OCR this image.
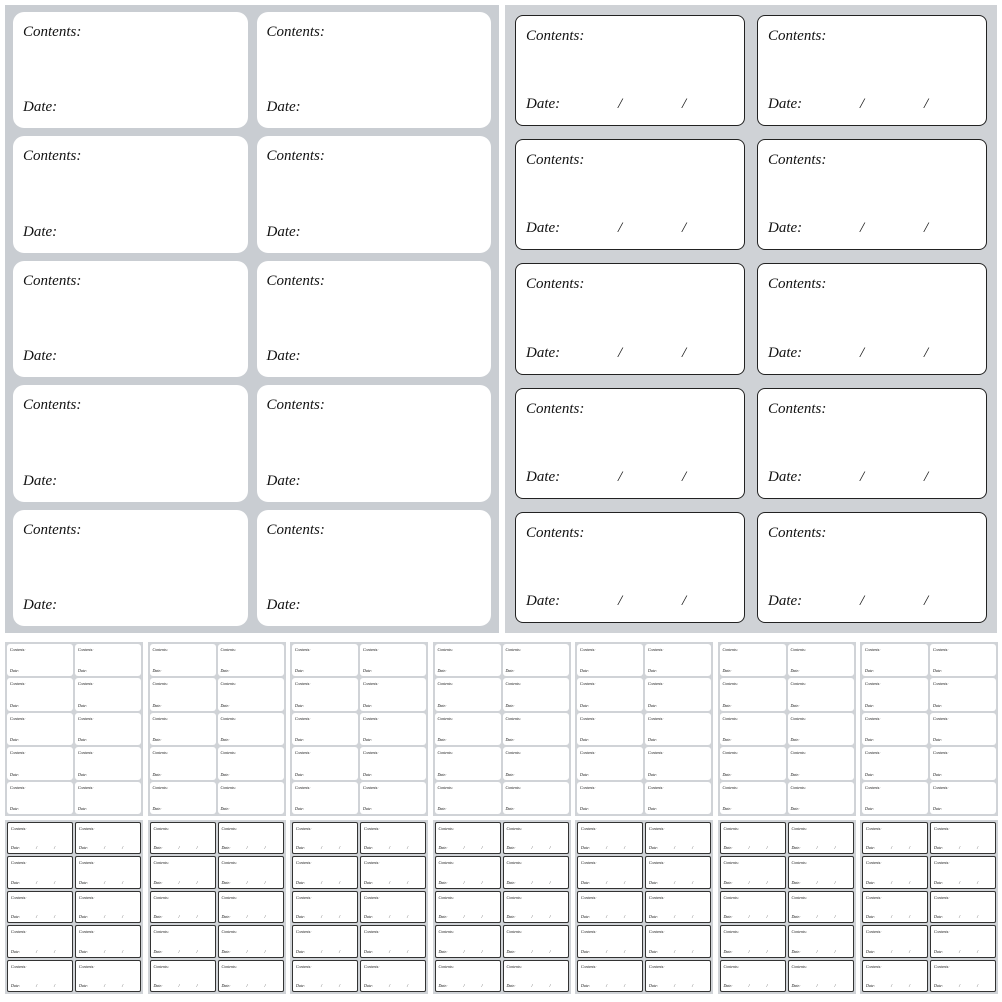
Contents:
Date:
Contents:
Date:
Contents:
Date:
Contents:
Date:
Contents:
Date:
Contents:
Date:
Contents:
Date:
Contents:
Date:
Contents:
Date:
Contents:
Date:
Contents:
Date:	/	/
Contents:
Date:	/	/
Contents:
Date:	/	/
Contents:
Date:	/	/
Contents:
Date:	/	/
Contents:
Date:	/	/
Contents:
Date:	/	/
Contents:
Date:	/	/
Contents:
Date:	/	/
Contents:
Date:	/	/
Contents:
Date:
Contents:
Date:
Contents:
Date:
Contents:
Date:
Contents:
Date:
Contents:
Date:
Contents:
Date:
Contents:
Date:
Contents:
Date:
Contents:
Date:
Contents:
Date:
Contents:
Date:
Contents:
Date:
Contents:
Date:
Contents:
Date:
Contents:
Date:
Contents:
Date:
Contents:
Date:
Contents:
Date:
Contents:
Date:
Contents:
Date:
Contents:
Date:
Contents:
Date:
Contents:
Date:
Contents:
Date:
Contents:
Date:
Contents:
Date:
Contents:
Date:
Contents:
Date:
Contents:
Date:
Contents:
Date:
Contents:
Date:
Contents:
Date:
Contents:
Date:
Contents:
Date:
Contents:
Date:
Contents:
Date:
Contents:
Date:
Contents:
Date:
Contents:
Date:
Contents:
Date:
Contents:
Date:
Contents:
Date:
Contents:
Date:
Contents:
Date:
Contents:
Date:
Contents:
Date:
Contents:
Date:
Contents:
Date:
Contents:
Date:
Contents:
Date:
Contents:
Date:
Contents:
Date:
Contents:
Date:
Contents:
Date:
Contents:
Date:
Contents:
Date:
Contents:
Date:
Contents:
Date:
Contents:
Date:
Contents:
Date:
Contents:
Date:
Contents:
Date:
Contents:
Date:
Contents:
Date:
Contents:
Date:
Contents:
Date:
Contents:
Date:
Contents:
Date:
Contents:
Date:
Contents:
Date:	/	/
Contents:
Date:	/	/
Contents:
Date:	/	/
Contents:
Date:	/	/
Contents:
Date:	/	/
Contents:
Date:	/	/
Contents:
Date:	/	/
Contents:
Date:	/	/
Contents:
Date:	/	/
Contents:
Date:	/	/
Contents:
Date:	/	/
Contents:
Date:	/	/
Contents:
Date:	/	/
Contents:
Date:	/	/
Contents:
Date:	/	/
Contents:
Date:	/	/
Contents:
Date:	/	/
Contents:
Date:	/	/
Contents:
Date:	/	/
Contents:
Date:	/	/
Contents:
Date:	/	/
Contents:
Date:	/	/
Contents:
Date:	/	/
Contents:
Date:	/	/
Contents:
Date:	/	/
Contents:
Date:	/	/
Contents:
Date:	/	/
Contents:
Date:	/	/
Contents:
Date:	/	/
Contents:
Date:	/	/
Contents:
Date:	/	/
Contents:
Date:	/	/
Contents:
Date:	/	/
Contents:
Date:	/	/
Contents:
Date:	/	/
Contents:
Date:	/	/
Contents:
Date:	/	/
Contents:
Date:	/	/
Contents:
Date:	/	/
Contents:
Date:	/	/
Contents:
Date:	/	/
Contents:
Date:	/	/
Contents:
Date:	/	/
Contents:
Date:	/	/
Contents:
Date:	/	/
Contents:
Date:	/	/
Contents:
Date:	/	/
Contents:
Date:	/	/
Contents:
Date:	/	/
Contents:
Date:	/	/
Contents:
Date:	/	/
Contents:
Date:	/	/
Contents:
Date:	/	/
Contents:
Date:	/	/
Contents:
Date:	/	/
Contents:
Date:	/	/
Contents:
Date:	/	/
Contents:
Date:	/	/
Contents:
Date:	/	/
Contents:
Date:	/	/
Contents:
Date:	/	/
Contents:
Date:	/	/
Contents:
Date:	/	/
Contents:
Date:	/	/
Contents:
Date:	/	/
Contents:
Date:	/	/
Contents:
Date:	/	/
Contents:
Date:	/	/
Contents:
Date:	/	/
Contents:
Date:	/	/
